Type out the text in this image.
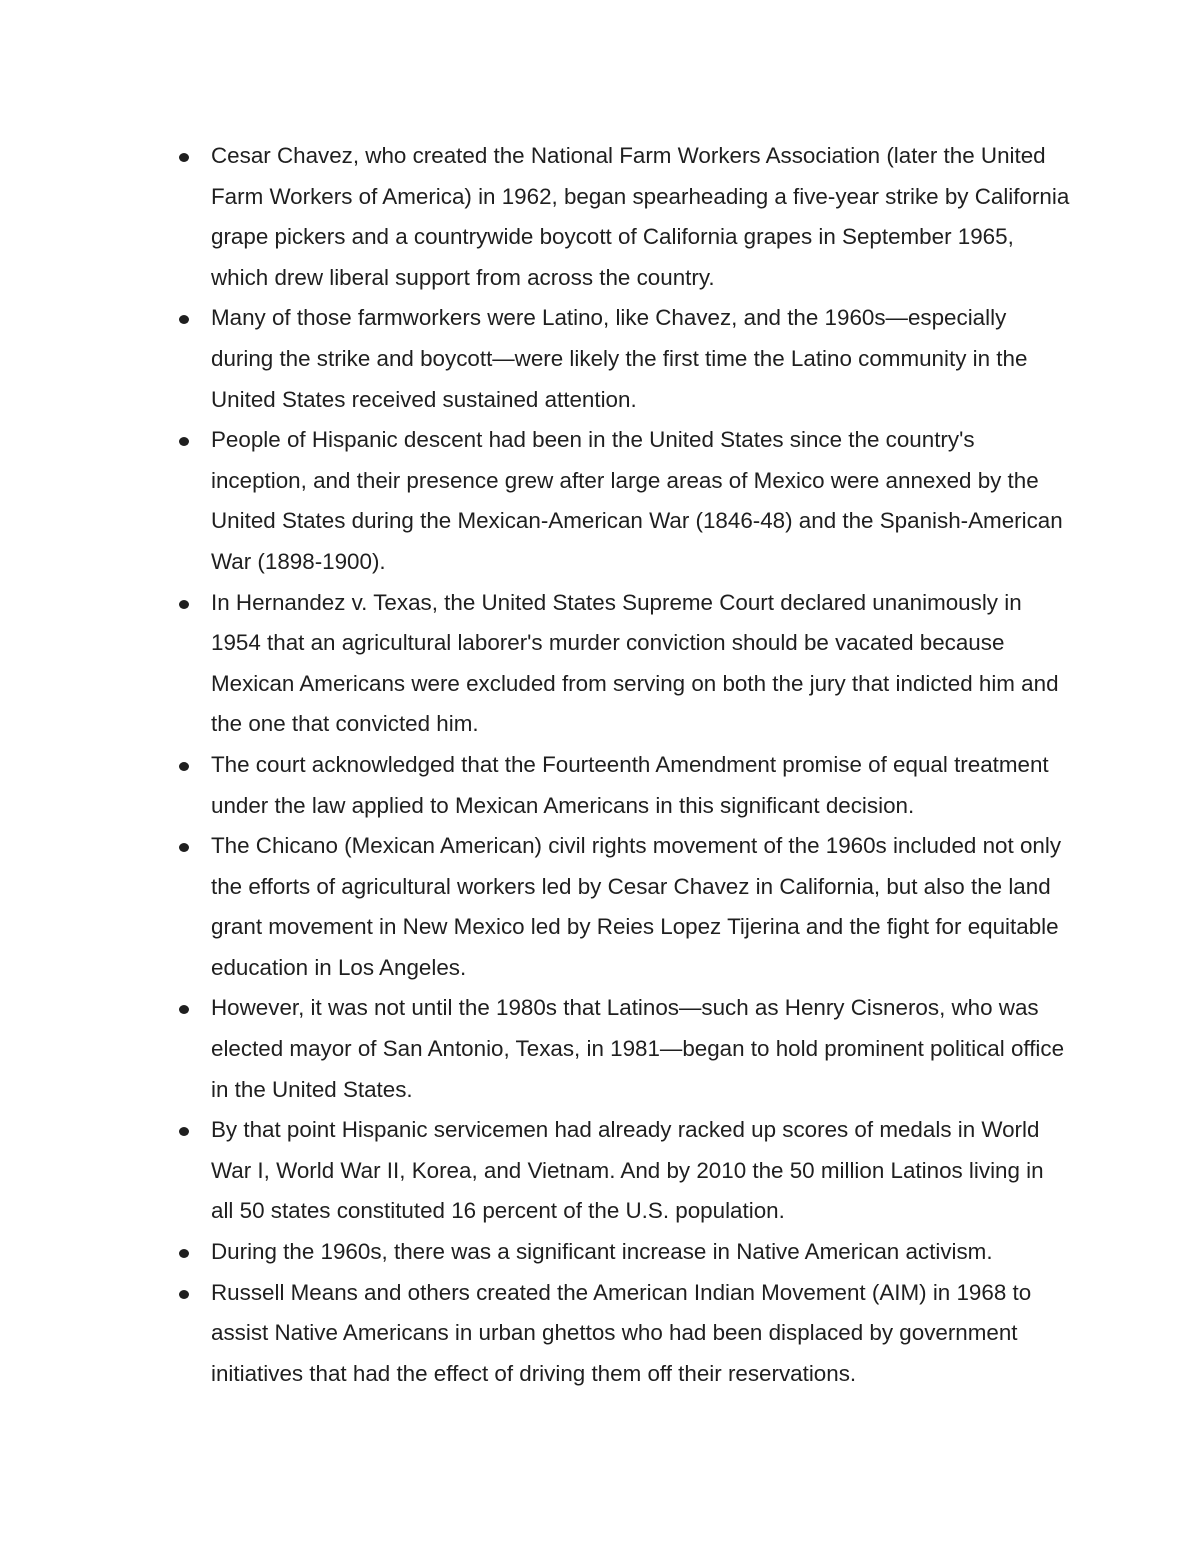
Cesar Chavez, who created the National Farm Workers Association (later the United Farm Workers of America) in 1962, began spearheading a five-year strike by California grape pickers and a countrywide boycott of California grapes in September 1965, which drew liberal support from across the country.
Many of those farmworkers were Latino, like Chavez, and the 1960s—especially during the strike and boycott—were likely the first time the Latino community in the United States received sustained attention.
People of Hispanic descent had been in the United States since the country's inception, and their presence grew after large areas of Mexico were annexed by the United States during the Mexican-American War (1846-48) and the Spanish-American War (1898-1900).
In Hernandez v. Texas, the United States Supreme Court declared unanimously in 1954 that an agricultural laborer's murder conviction should be vacated because Mexican Americans were excluded from serving on both the jury that indicted him and the one that convicted him.
The court acknowledged that the Fourteenth Amendment promise of equal treatment under the law applied to Mexican Americans in this significant decision.
The Chicano (Mexican American) civil rights movement of the 1960s included not only the efforts of agricultural workers led by Cesar Chavez in California, but also the land grant movement in New Mexico led by Reies Lopez Tijerina and the fight for equitable education in Los Angeles.
However, it was not until the 1980s that Latinos—such as Henry Cisneros, who was elected mayor of San Antonio, Texas, in 1981—began to hold prominent political office in the United States.
By that point Hispanic servicemen had already racked up scores of medals in World War I, World War II, Korea, and Vietnam. And by 2010 the 50 million Latinos living in all 50 states constituted 16 percent of the U.S. population.
During the 1960s, there was a significant increase in Native American activism.
Russell Means and others created the American Indian Movement (AIM) in 1968 to assist Native Americans in urban ghettos who had been displaced by government initiatives that had the effect of driving them off their reservations.
